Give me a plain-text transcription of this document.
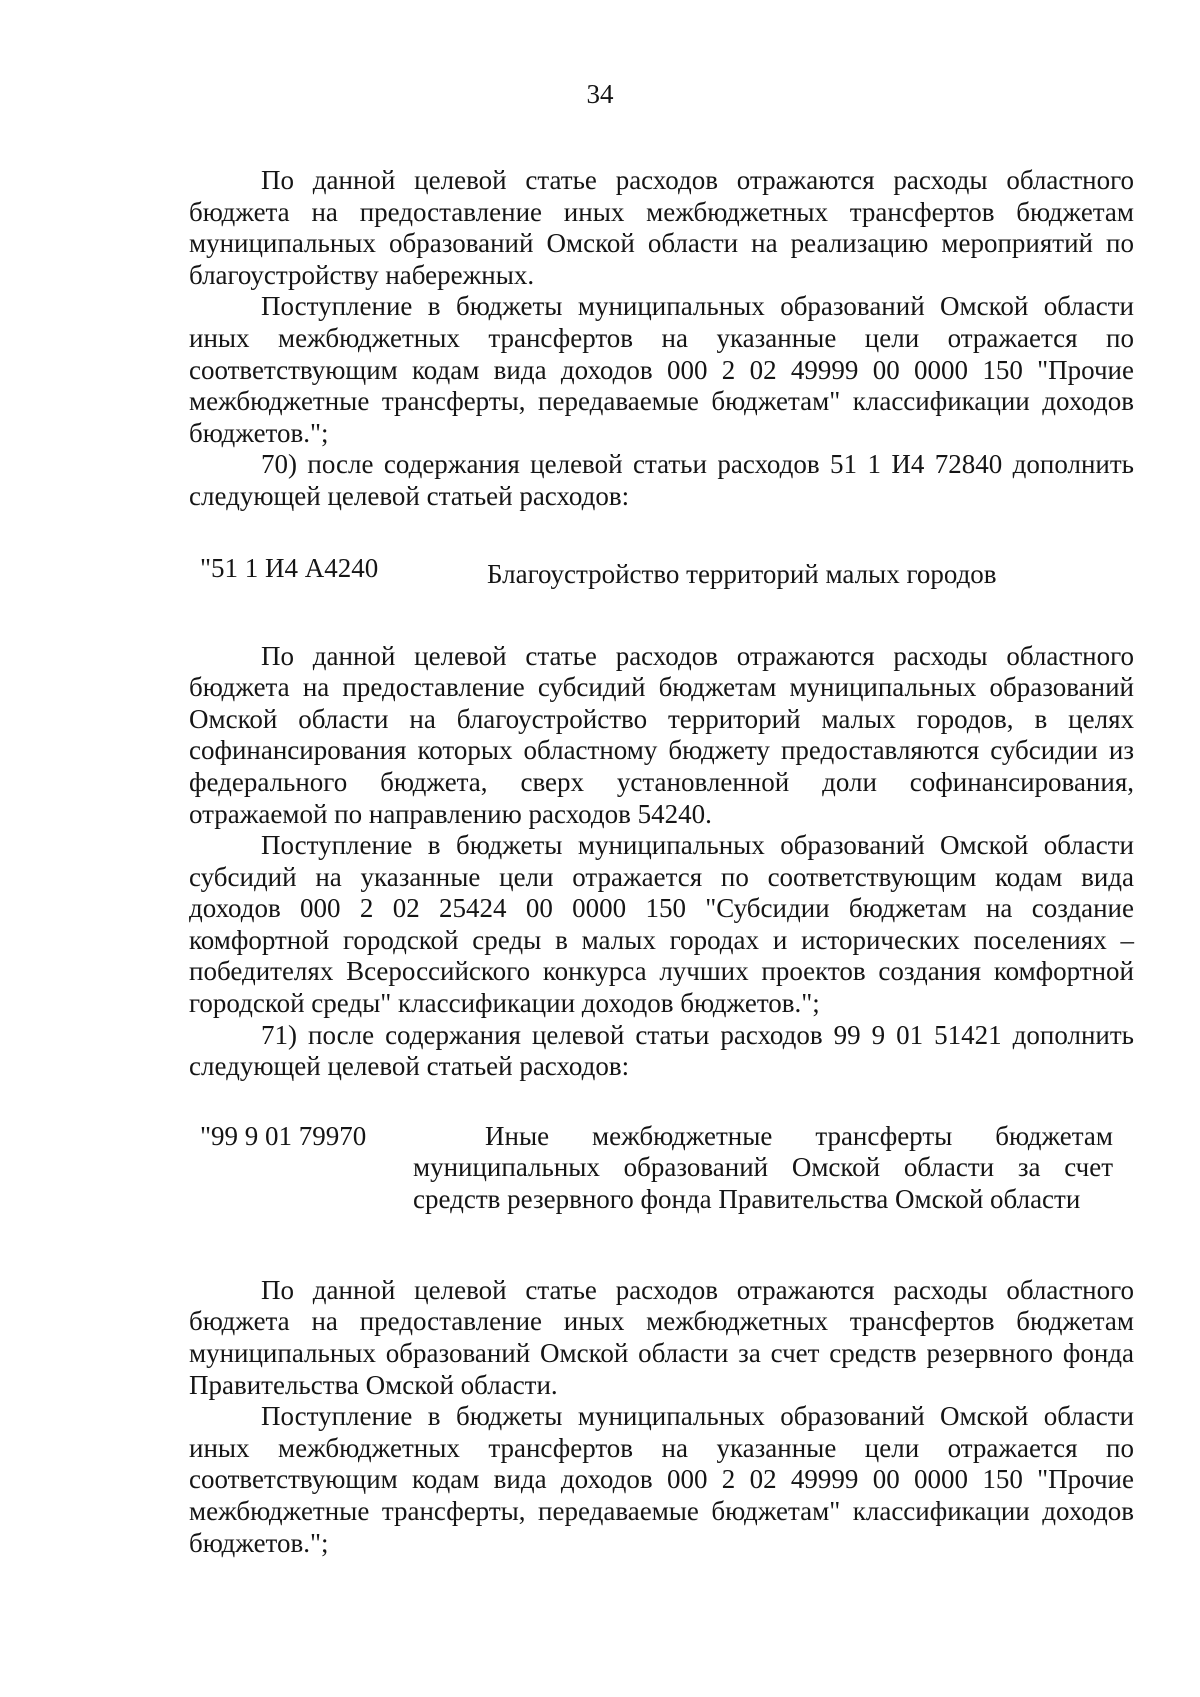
34

По данной целевой статье расходов отражаются расходы областного бюджета на предоставление иных межбюджетных трансфертов бюджетам муниципальных образований Омской области на реализацию мероприятий по благоустройству набережных.

Поступление в бюджеты муниципальных образований Омской области иных межбюджетных трансфертов на указанные цели отражается по соответствующим кодам вида доходов 000 2 02 49999 00 0000 150 "Прочие межбюджетные трансферты, передаваемые бюджетам" классификации доходов бюджетов.";

70) после содержания целевой статьи расходов 51 1 И4 72840 дополнить следующей целевой статьей расходов:

"51 1 И4 А4240	Благоустройство территорий малых городов

По данной целевой статье расходов отражаются расходы областного бюджета на предоставление субсидий бюджетам муниципальных образований Омской области на благоустройство территорий малых городов, в целях софинансирования которых областному бюджету предоставляются субсидии из федерального бюджета, сверх установленной доли софинансирования, отражаемой по направлению расходов 54240.

Поступление в бюджеты муниципальных образований Омской области субсидий на указанные цели отражается по соответствующим кодам вида доходов 000 2 02 25424 00 0000 150 "Субсидии бюджетам на создание комфортной городской среды в малых городах и исторических поселениях – победителях Всероссийского конкурса лучших проектов создания комфортной городской среды" классификации доходов бюджетов.";

71) после содержания целевой статьи расходов 99 9 01 51421 дополнить следующей целевой статьей расходов:

"99 9 01 79970	Иные межбюджетные трансферты бюджетам муниципальных образований Омской области за счет средств резервного фонда Правительства Омской области

По данной целевой статье расходов отражаются расходы областного бюджета на предоставление иных межбюджетных трансфертов бюджетам муниципальных образований Омской области за счет средств резервного фонда Правительства Омской области.

Поступление в бюджеты муниципальных образований Омской области иных межбюджетных трансфертов на указанные цели отражается по соответствующим кодам вида доходов 000 2 02 49999 00 0000 150 "Прочие межбюджетные трансферты, передаваемые бюджетам" классификации доходов бюджетов.";
